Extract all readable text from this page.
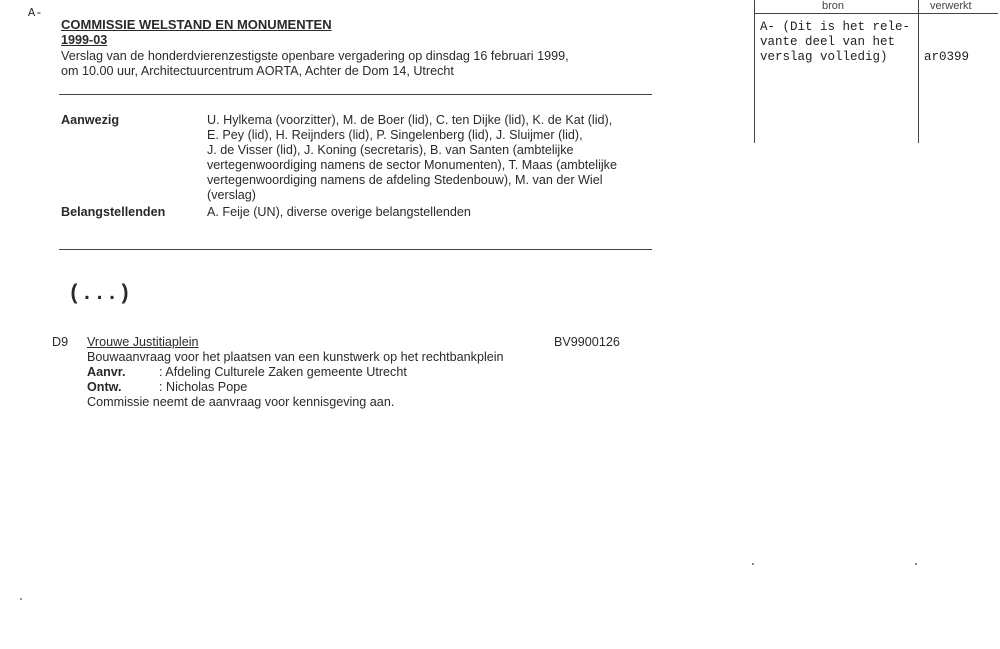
A-
COMMISSIE WELSTAND EN MONUMENTEN
1999-03
Verslag van de honderdvierenzestigste openbare vergadering op dinsdag 16 februari 1999,
om 10.00 uur, Architectuurcentrum AORTA, Achter de Dom 14, Utrecht
bron	verwerkt
A- (Dit is het rele-
vante deel van het
verslag volledig)	ar0399
Aanwezig	U. Hylkema (voorzitter), M. de Boer (lid), C. ten Dijke (lid), K. de Kat (lid),
E. Pey (lid), H. Reijnders (lid), P. Singelenberg (lid), J. Sluijmer (lid),
J. de Visser (lid), J. Koning (secretaris), B. van Santen (ambtelijke
vertegenwoordiging namens de sector Monumenten), T. Maas (ambtelijke
vertegenwoordiging namens de afdeling Stedenbouw), M. van der Wiel
(verslag)
Belangstellenden	A. Feije (UN), diverse overige belangstellenden
(...)
D9 Vrouwe Justitiaplein	BV9900126
Bouwaanvraag voor het plaatsen van een kunstwerk op het rechtbankplein
Aanvr.	: Afdeling Culturele Zaken gemeente Utrecht
Ontw.	: Nicholas Pope
Commissie neemt de aanvraag voor kennisgeving aan.
